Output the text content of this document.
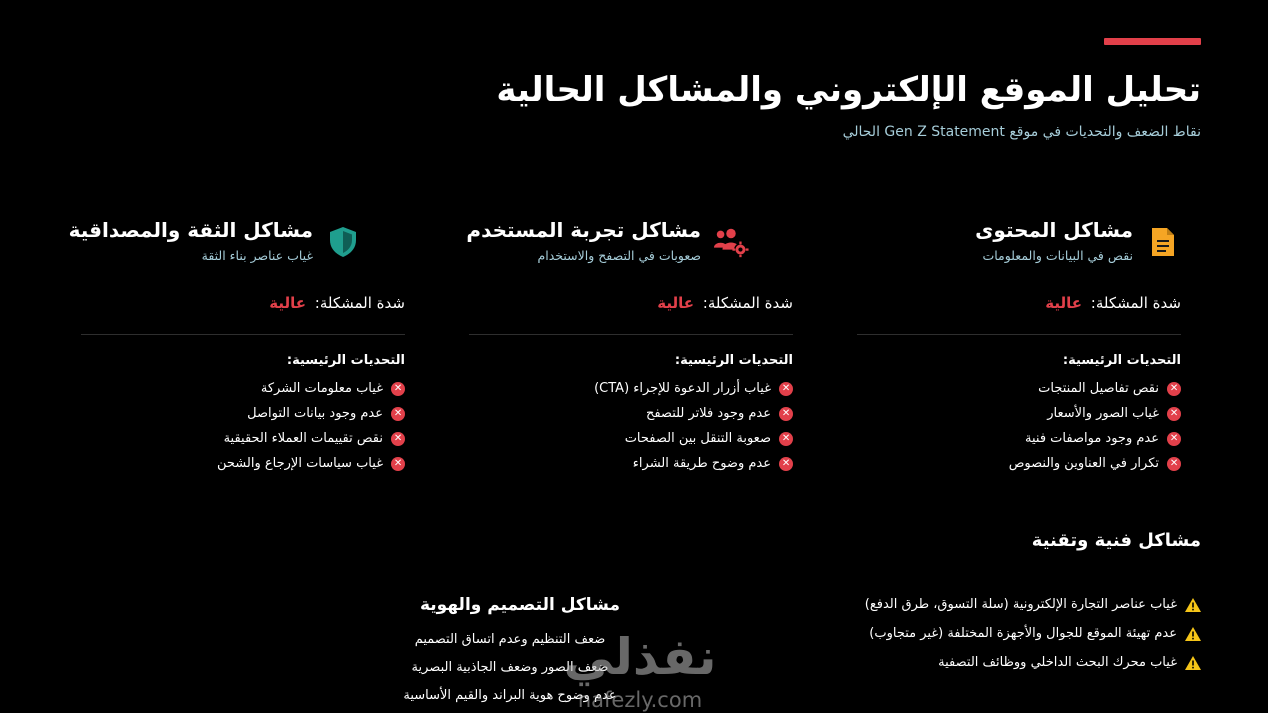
تحليل الموقع الإلكتروني والمشاكل الحالية

نقاط الضعف والتحديات في موقع Gen Z Statement الحالي

مشاكل المحتوى
نقص في البيانات والمعلومات
شدة المشكلة: عالية
التحديات الرئيسية:
✕
نقص تفاصيل المنتجات
✕
غياب الصور والأسعار
✕
عدم وجود مواصفات فنية
✕
تكرار في العناوين والنصوص
مشاكل تجربة المستخدم
صعوبات في التصفح والاستخدام
شدة المشكلة: عالية
التحديات الرئيسية:
✕
غياب أزرار الدعوة للإجراء (CTA)
✕
عدم وجود فلاتر للتصفح
✕
صعوبة التنقل بين الصفحات
✕
عدم وضوح طريقة الشراء
مشاكل الثقة والمصداقية
غياب عناصر بناء الثقة
شدة المشكلة: عالية
التحديات الرئيسية:
✕
غياب معلومات الشركة
✕
عدم وجود بيانات التواصل
✕
نقص تقييمات العملاء الحقيقية
✕
غياب سياسات الإرجاع والشحن
مشاكل فنية وتقنية
غياب عناصر التجارة الإلكترونية (سلة التسوق، طرق الدفع)
عدم تهيئة الموقع للجوال والأجهزة المختلفة (غير متجاوب)
غياب محرك البحث الداخلي ووظائف التصفية
مشاكل التصميم والهوية
ضعف التنظيم وعدم اتساق التصميم
ضعف الصور وضعف الجاذبية البصرية
عدم وضوح هوية البراند والقيم الأساسية
نفذلي
nafezly.com
